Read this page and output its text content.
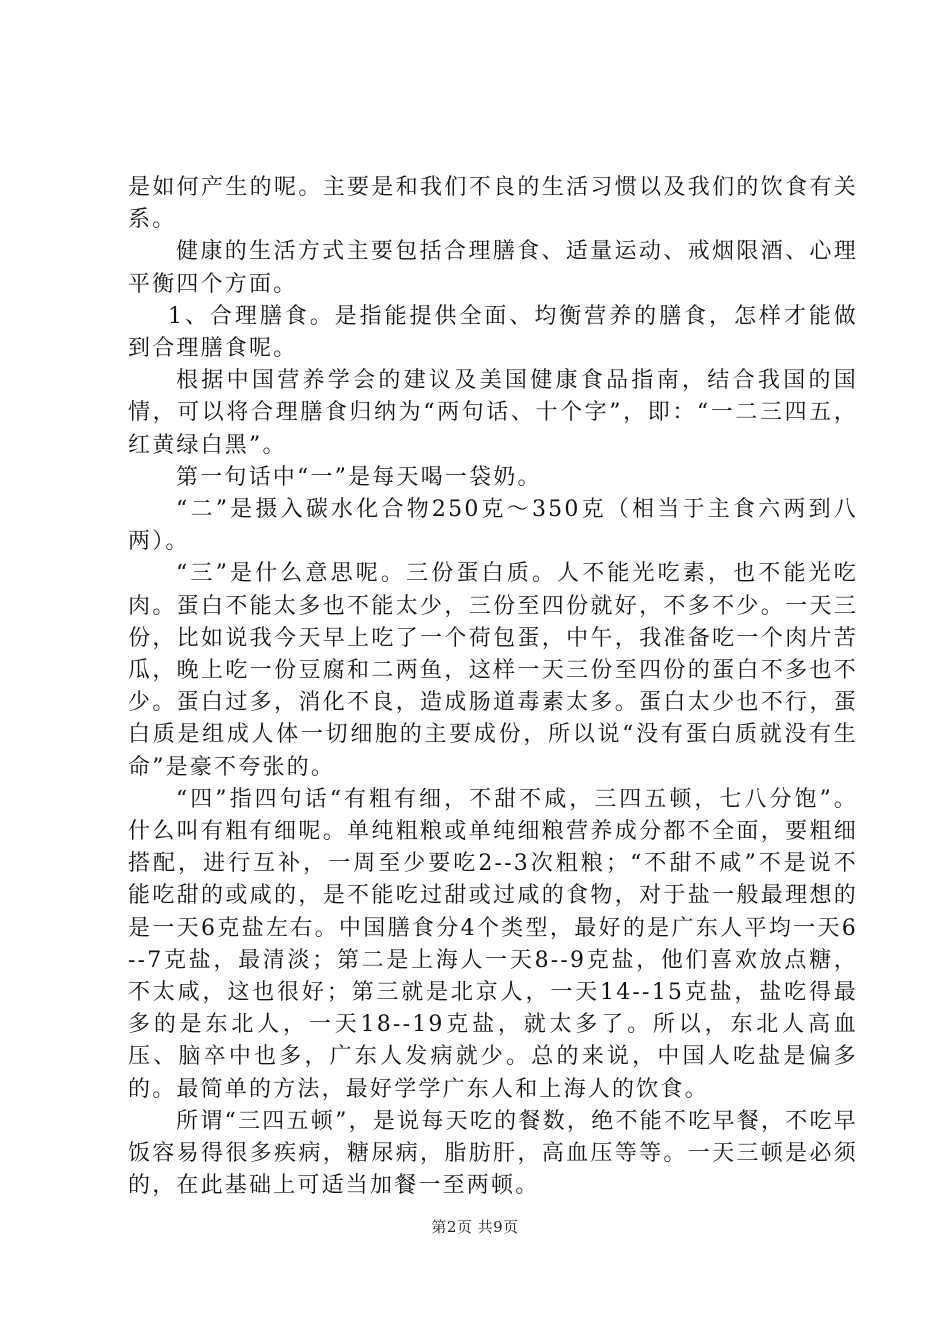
是如何产生的呢。主要是和我们不良的生活习惯以及我们的饮食有关系。

健康的生活方式主要包括合理膳食、适量运动、戒烟限酒、心理平衡四个方面。

1、合理膳食。是指能提供全面、均衡营养的膳食，怎样才能做到合理膳食呢。

根据中国营养学会的建议及美国健康食品指南，结合我国的国情，可以将合理膳食归纳为“两句话、十个字”，即：“一二三四五，红黄绿白黑”。

第一句话中“一”是每天喝一袋奶。

“二”是摄入碳水化合物250克～350克（相当于主食六两到八两）。

“三”是什么意思呢。三份蛋白质。人不能光吃素，也不能光吃肉。蛋白不能太多也不能太少，三份至四份就好，不多不少。一天三份，比如说我今天早上吃了一个荷包蛋，中午，我准备吃一个肉片苦瓜，晚上吃一份豆腐和二两鱼，这样一天三份至四份的蛋白不多也不少。蛋白过多，消化不良，造成肠道毒素太多。蛋白太少也不行，蛋白质是组成人体一切细胞的主要成份，所以说“没有蛋白质就没有生命”是豪不夸张的。

“四”指四句话“有粗有细，不甜不咸，三四五顿，七八分饱”。什么叫有粗有细呢。单纯粗粮或单纯细粮营养成分都不全面，要粗细搭配，进行互补，一周至少要吃2--3次粗粮；“不甜不咸”不是说不能吃甜的或咸的，是不能吃过甜或过咸的食物，对于盐一般最理想的是一天6克盐左右。中国膳食分4个类型，最好的是广东人平均一天6--7克盐，最清淡；第二是上海人一天8--9克盐，他们喜欢放点糖，不太咸，这也很好；第三就是北京人，一天14--15克盐，盐吃得最多的是东北人，一天18--19克盐，就太多了。所以，东北人高血压、脑卒中也多，广东人发病就少。总的来说，中国人吃盐是偏多的。最简单的方法，最好学学广东人和上海人的饮食。

所谓“三四五顿”，是说每天吃的餐数，绝不能不吃早餐，不吃早饭容易得很多疾病，糖尿病，脂肪肝，高血压等等。一天三顿是必须的，在此基础上可适当加餐一至两顿。

第2页 共9页
